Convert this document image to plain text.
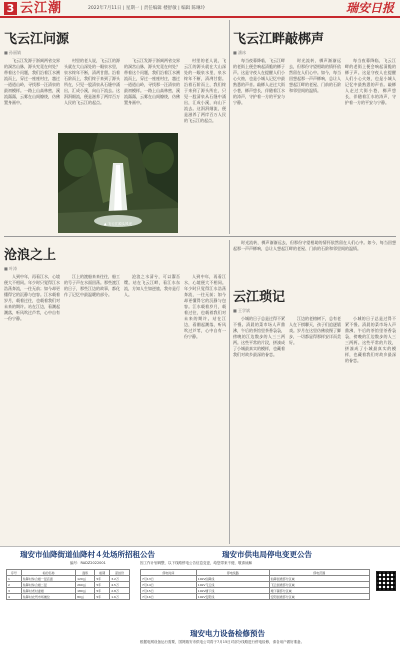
3 云江潮	2022年7月11日 | 星期一 | 责任编辑 楼舒敏 | 编辑 陈琳玲	瑞安日报
飞云江问源
■ 孙丽婧
飞云江发源于浙闽两省交界的洞宫山脉，源头究竟在何处？带着这个问题，我们沿着江水溯流而上，穿过一座座村庄，越过一道道山岭，寻找那一汪清泉的最初模样。一路上山高林密，溪流潺潺，云雾在山间缭绕，仿佛置身画中。
村里的老人说，飞云江的源头就在大山深处的一眼泉水里，泉水终年不断，清冽甘甜。沿着石阶而上，我们终于来到了源头所在，只见一股清泉从石缝中涌出，汇成小溪，向山下流去。这涓涓细流，便是滋养了两岸百万人民的飞云江的起点。
飞云江发源于浙闽两省交界的洞宫山脉，源头究竟在何处？带着这个问题，我们沿着江水溯流而上，穿过一座座村庄，越过一道道山岭，寻找那一汪清泉的最初模样。一路上山高林密，溪流潺潺，云雾在山间缭绕，仿佛置身画中。
村里的老人说，飞云江的源头就在大山深处的一眼泉水里，泉水终年不断，清冽甘甜。沿着石阶而上，我们终于来到了源头所在，只见一股清泉从石缝中涌出，汇成小溪，向山下流去。这涓涓细流，便是滋养了两岸百万人民的飞云江的起点。
▲ 飞云江源头风光
飞云江畔敲梆声
■ 潘冰
每当夜幕降临，飞云江畔的老街上便会响起清脆的梆子声。这是守夜人在提醒人们小心火烛，也是小城人记忆中最熟悉的声音。敲梆人走过大街小巷，梆声悠长，伴随着江水的涛声，守护着一方的平安与宁静。
时光流转，梆声渐渐远去，但那份守望相助的情怀依然留在人们心中。如今，每当回想起那一声声梆响，总让人想起江畔的老屋、门前的石阶和邻里间的温情。
每当夜幕降临，飞云江畔的老街上便会响起清脆的梆子声。这是守夜人在提醒人们小心火烛，也是小城人记忆中最熟悉的声音。敲梆人走过大街小巷，梆声悠长，伴随着江水的涛声，守护着一方的平安与宁静。
沧浪之上
■ 叶涛
人到中年，再看江水，心境便大不相同。年少时只觉得江水浩荡奔流，一往无前；如今却更懂得它的沉静与包容。江水载着岁月，载着过往，也载着我们对未来的期许。站在江边，看潮起潮落，听风吹过芦苇，心中自有一份宁静。
江上的渡船来来往往，船工的号子声在水面回荡。那些渡江的日子，那些江边的故事，都化作了记忆中最温暖的部分。
沧浪之水清兮，可以濯吾缨。站在飞云江畔，看江水东流，方知人生如逆旅，我亦是行人。
人到中年，再看江水，心境便大不相同。年少时只觉得江水浩荡奔流，一往无前；如今却更懂得它的沉静与包容。江水载着岁月，载着过往，也载着我们对未来的期许。站在江边，看潮起潮落，听风吹过芦苇，心中自有一份宁静。
云江琐记
■ 王学斌
小城的日子总是过得不紧不慢。清晨的菜市场人声鼎沸，午后的茶馆里茶香袅袅，傍晚的江边散步的人三三两两。这些平常的片段，拼凑成了小城最真实的模样，也藏着我们对故乡最深的眷恋。
江边的老榕树下，总有老人在下棋聊天，孩子们追逐嬉戏。岁月在这里仿佛放慢了脚步，一切都显得那样安详而美好。
小城的日子总是过得不紧不慢。清晨的菜市场人声鼎沸，午后的茶馆里茶香袅袅，傍晚的江边散步的人三三两两。这些平常的片段，拼凑成了小城最真实的模样，也藏着我们对故乡最深的眷恋。
时光流转，梆声渐渐远去，但那份守望相助的情怀依然留在人们心中。如今，每当回想起那一声声梆响，总让人想起江畔的老屋、门前的石阶和邻里间的温情。
瑞安市仙降街道仙降村４处场所招租公告
编号：RADZ2022001
序号	标的名称	面积	租期	起拍价
1	仙降村综合楼一层店面	120㎡	5年	3.2万
2	仙降村综合楼二层	260㎡	5年	4.5万
3	仙降村老村委楼	180㎡	5年	2.8万
4	仙降村农贸市场摊位	80㎡	5年	1.6万
瑞安市供电局停电变更公告
因工作计划调整，以下线路停电公告信息变更，给您带来不便，敬请谅解
停电时间	停电线路	停电范围
7月13日	10kV仙降线	仙降街道部分区域
7月14日	10kV飞云线	飞云街道部分区域
7月15日	10kV塘下线	塘下镇部分区域
7月16日	10kV安阳线	安阳街道部分区域
瑞安电力设备检修预告
根据电网设备运行需要，国网瑞安市供电公司将于7月15日对部分线路进行停电检修，请各用户做好准备。
